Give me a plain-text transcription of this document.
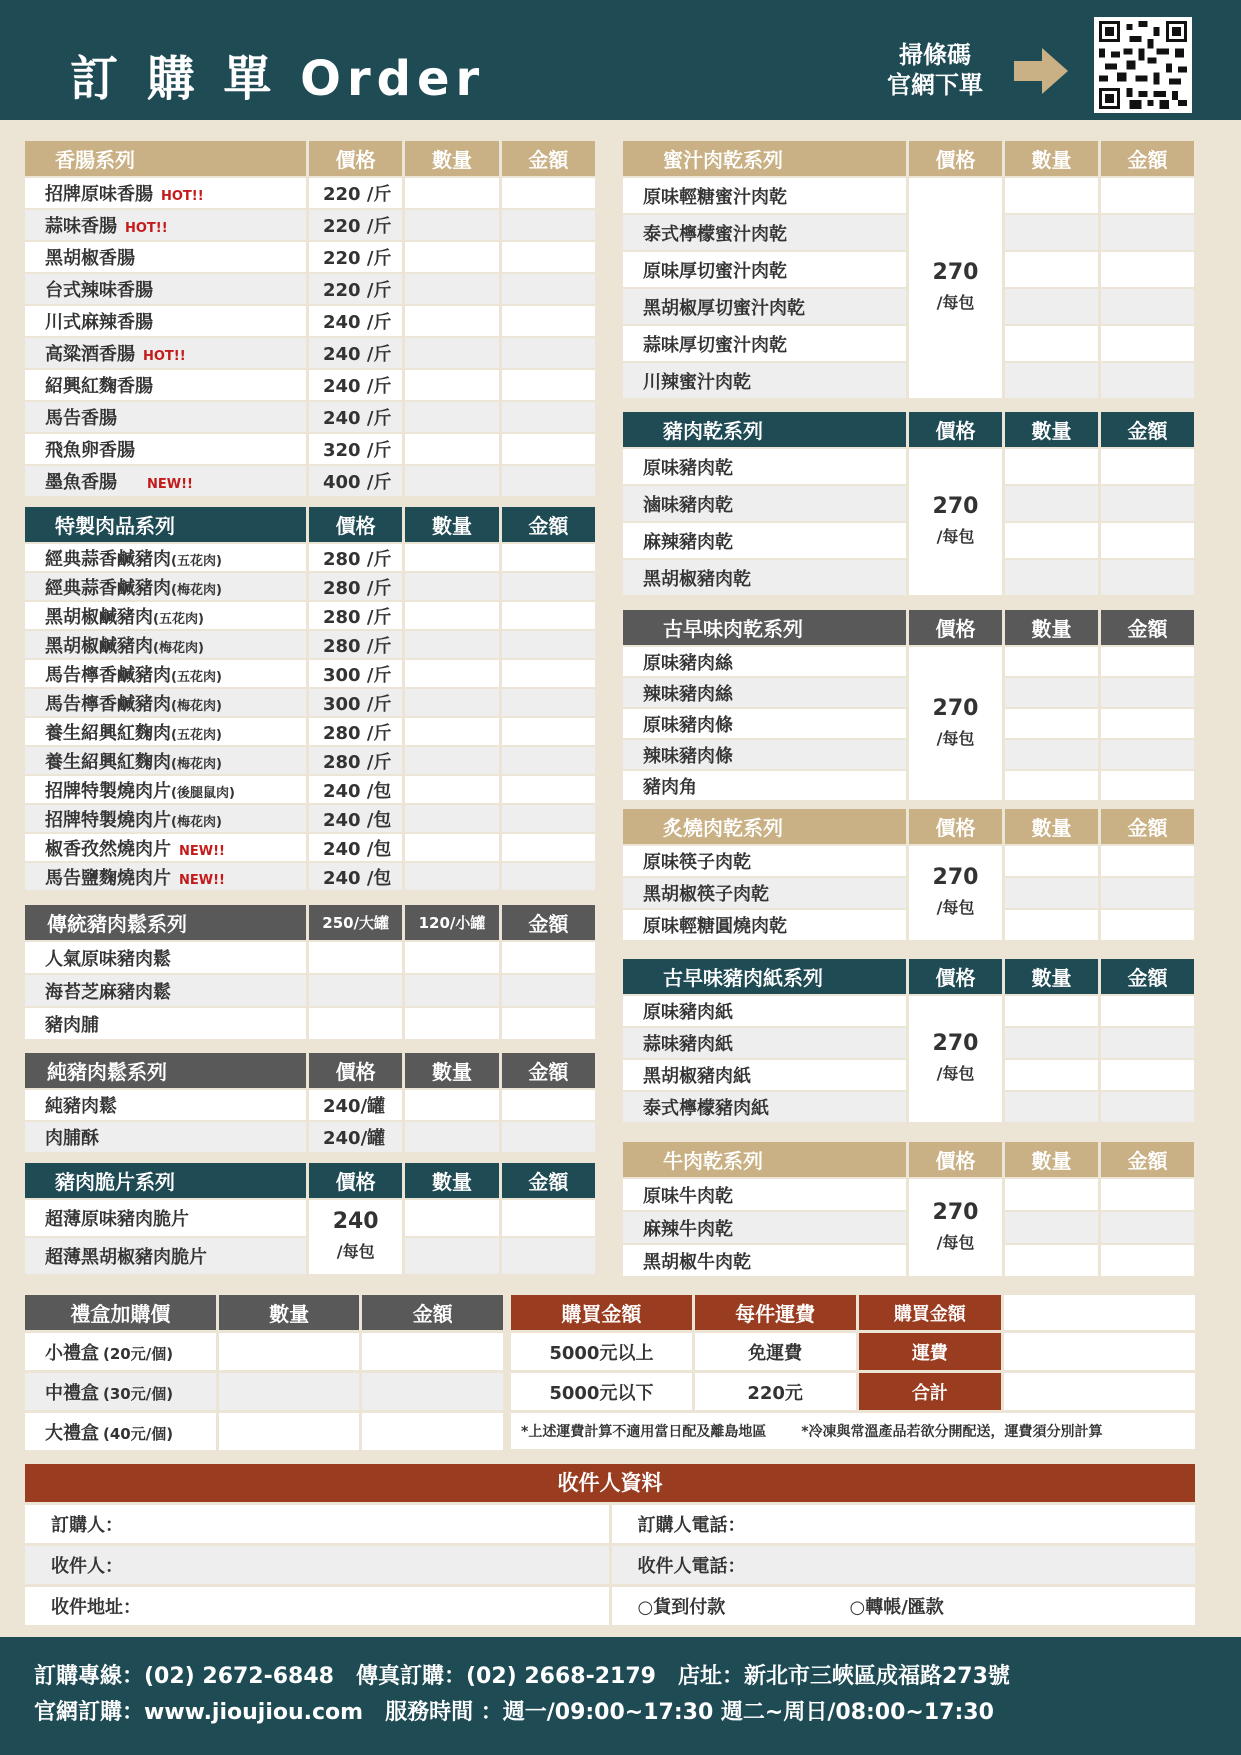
訂 購 單 Order	掃條碼
官網下單
香腸系列	價格	數量	金額
招牌原味香腸 HOT!!	220 /斤		
蒜味香腸 HOT!!	220 /斤		
黑胡椒香腸	220 /斤		
台式辣味香腸	220 /斤		
川式麻辣香腸	240 /斤		
高粱酒香腸 HOT!!	240 /斤		
紹興紅麴香腸	240 /斤		
馬告香腸	240 /斤		
飛魚卵香腸	320 /斤		
墨魚香腸 NEW!!	400 /斤		
特製肉品系列	價格	數量	金額
經典蒜香鹹豬肉(五花肉)	280 /斤		
經典蒜香鹹豬肉(梅花肉)	280 /斤		
黑胡椒鹹豬肉(五花肉)	280 /斤		
黑胡椒鹹豬肉(梅花肉)	280 /斤		
馬告檸香鹹豬肉(五花肉)	300 /斤		
馬告檸香鹹豬肉(梅花肉)	300 /斤		
養生紹興紅麴肉(五花肉)	280 /斤		
養生紹興紅麴肉(梅花肉)	280 /斤		
招牌特製燒肉片(後腿鼠肉)	240 /包		
招牌特製燒肉片(梅花肉)	240 /包		
椒香孜然燒肉片 NEW!!	240 /包		
馬告鹽麴燒肉片 NEW!!	240 /包		
傳統豬肉鬆系列	250/大罐	120/小罐	金額
人氣原味豬肉鬆			
海苔芝麻豬肉鬆			
豬肉脯			
純豬肉鬆系列	價格	數量	金額
純豬肉鬆	240/罐		
肉脯酥	240/罐		
豬肉脆片系列	價格	數量	金額
超薄原味豬肉脆片	240
/每包		

超薄黑胡椒豬肉脆片			
蜜汁肉乾系列	價格	數量	金額
原味輕糖蜜汁肉乾	270
/每包		

泰式檸檬蜜汁肉乾			
原味厚切蜜汁肉乾			
黑胡椒厚切蜜汁肉乾			
蒜味厚切蜜汁肉乾			
川辣蜜汁肉乾			
豬肉乾系列	價格	數量	金額
原味豬肉乾	270
/每包		

滷味豬肉乾			
麻辣豬肉乾			
黑胡椒豬肉乾			
古早味肉乾系列	價格	數量	金額
原味豬肉絲	270
/每包		

辣味豬肉絲			
原味豬肉條			
辣味豬肉條			
豬肉角			
炙燒肉乾系列	價格	數量	金額
原味筷子肉乾	270
/每包		

黑胡椒筷子肉乾			
原味輕糖圓燒肉乾			
古早味豬肉紙系列	價格	數量	金額
原味豬肉紙	270
/每包		

蒜味豬肉紙			
黑胡椒豬肉紙			
泰式檸檬豬肉紙			
牛肉乾系列	價格	數量	金額
原味牛肉乾	270
/每包		

麻辣牛肉乾			
黑胡椒牛肉乾			
禮盒加購價	數量	金額
小禮盒 (20元/個)		
中禮盒 (30元/個)		
大禮盒 (40元/個)		
購買金額	每件運費	購買金額	
5000元以上	免運費	運費	
5000元以下	220元	合計	
*上述運費計算不適用當日配及離島地區 *冷凍與常溫產品若欲分開配送，運費須分別計算			
收件人資料
訂購人：	訂購人電話：
收件人：	收件人電話：
收件地址：	○貨到付款 ○轉帳/匯款
訂購專線：(02) 2672-6848　傳真訂購：(02) 2668-2179　店址：新北市三峽區成福路273號
官網訂購：www.jioujiou.com　服務時間 ：週一/09:00~17:30 週二~周日/08:00~17:30
